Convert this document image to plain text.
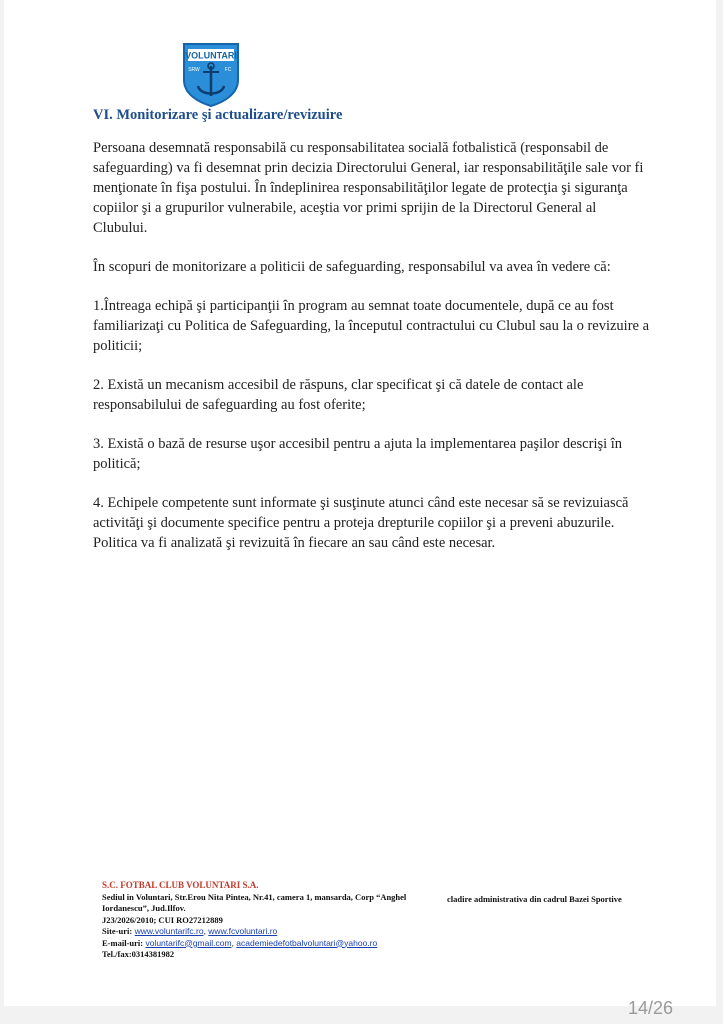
VOLUNTARI
SRW	FC
VI. Monitorizare şi actualizare/revizuire

Persoana desemnată responsabilă cu responsabilitatea socială fotbalistică (responsabil de safeguarding) va fi desemnat prin decizia Directorului General, iar responsabilităţile sale vor fi menţionate în fişa postului. În îndeplinirea responsabilităţilor legate de protecţia şi siguranţa copiilor şi a grupurilor vulnerabile, aceştia vor primi sprijin de la Directorul General al Clubului.

În scopuri de monitorizare a politicii de safeguarding, responsabilul va avea în vedere că:

1.Întreaga echipă şi participanţii în program au semnat toate documentele, după ce au fost familiarizaţi cu Politica de Safeguarding, la începutul contractului cu Clubul sau la o revizuire a politicii;

2. Există un mecanism accesibil de răspuns, clar specificat şi că datele de contact ale responsabilului de safeguarding au fost oferite;

3. Există o bază de resurse uşor accesibil pentru a ajuta la implementarea paşilor descrişi în politică;

4. Echipele competente sunt informate şi susţinute atunci când este necesar să se revizuiască activităţi şi documente specifice pentru a proteja drepturile copiilor şi a preveni abuzurile. Politica va fi analizată şi revizuită în fiecare an sau când este necesar.

S.C. FOTBAL CLUB VOLUNTARI S.A.
Sediul in Voluntari, Str.Erou Nita Pintea, Nr.41, camera 1, mansarda, Corp “Anghel Iordanescu”, Jud.Ilfov.
J23/2026/2010; CUI RO27212889
Site-uri: www.voluntarifc.ro, www.fcvoluntari.ro
E-mail-uri: voluntarifc@gmail.com, academiedefotbalvoluntari@yahoo.ro
Tel./fax:0314381982
cladire administrativa din cadrul Bazei Sportive
14/26
